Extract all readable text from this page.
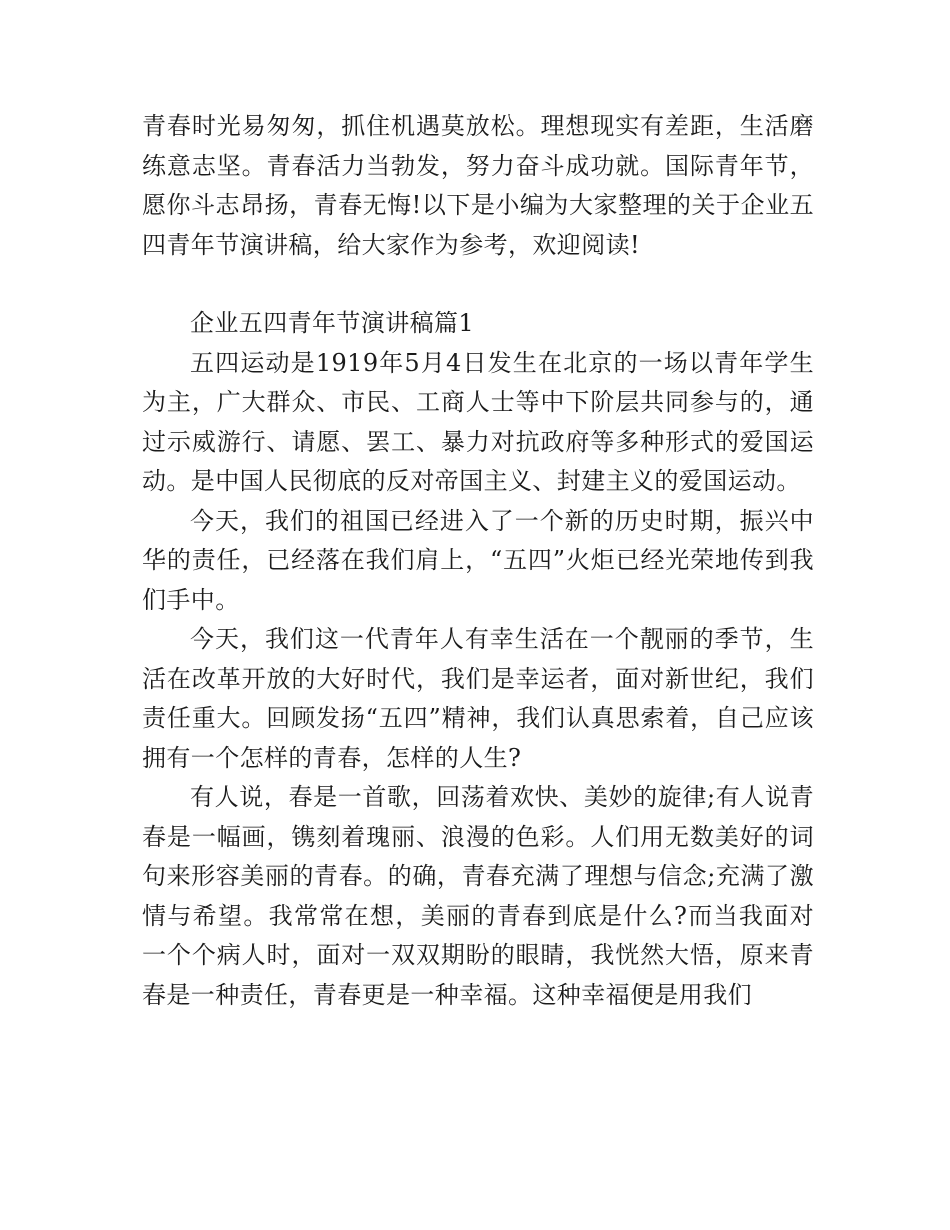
青春时光易匆匆，抓住机遇莫放松。理想现实有差距，生活磨练意志坚。青春活力当勃发，努力奋斗成功就。国际青年节，愿你斗志昂扬，青春无悔!以下是小编为大家整理的关于企业五四青年节演讲稿，给大家作为参考，欢迎阅读!

企业五四青年节演讲稿篇1

五四运动是1919年5月4日发生在北京的一场以青年学生为主，广大群众、市民、工商人士等中下阶层共同参与的，通过示威游行、请愿、罢工、暴力对抗政府等多种形式的爱国运动。是中国人民彻底的反对帝国主义、封建主义的爱国运动。

今天，我们的祖国已经进入了一个新的历史时期，振兴中华的责任，已经落在我们肩上，“五四”火炬已经光荣地传到我们手中。

今天，我们这一代青年人有幸生活在一个靓丽的季节，生活在改革开放的大好时代，我们是幸运者，面对新世纪，我们责任重大。回顾发扬“五四”精神，我们认真思索着，自己应该拥有一个怎样的青春，怎样的人生?

有人说，春是一首歌，回荡着欢快、美妙的旋律;有人说青春是一幅画，镌刻着瑰丽、浪漫的色彩。人们用无数美好的词句来形容美丽的青春。的确，青春充满了理想与信念;充满了激情与希望。我常常在想，美丽的青春到底是什么?而当我面对一个个病人时，面对一双双期盼的眼睛，我恍然大悟，原来青春是一种责任，青春更是一种幸福。这种幸福便是用我们
